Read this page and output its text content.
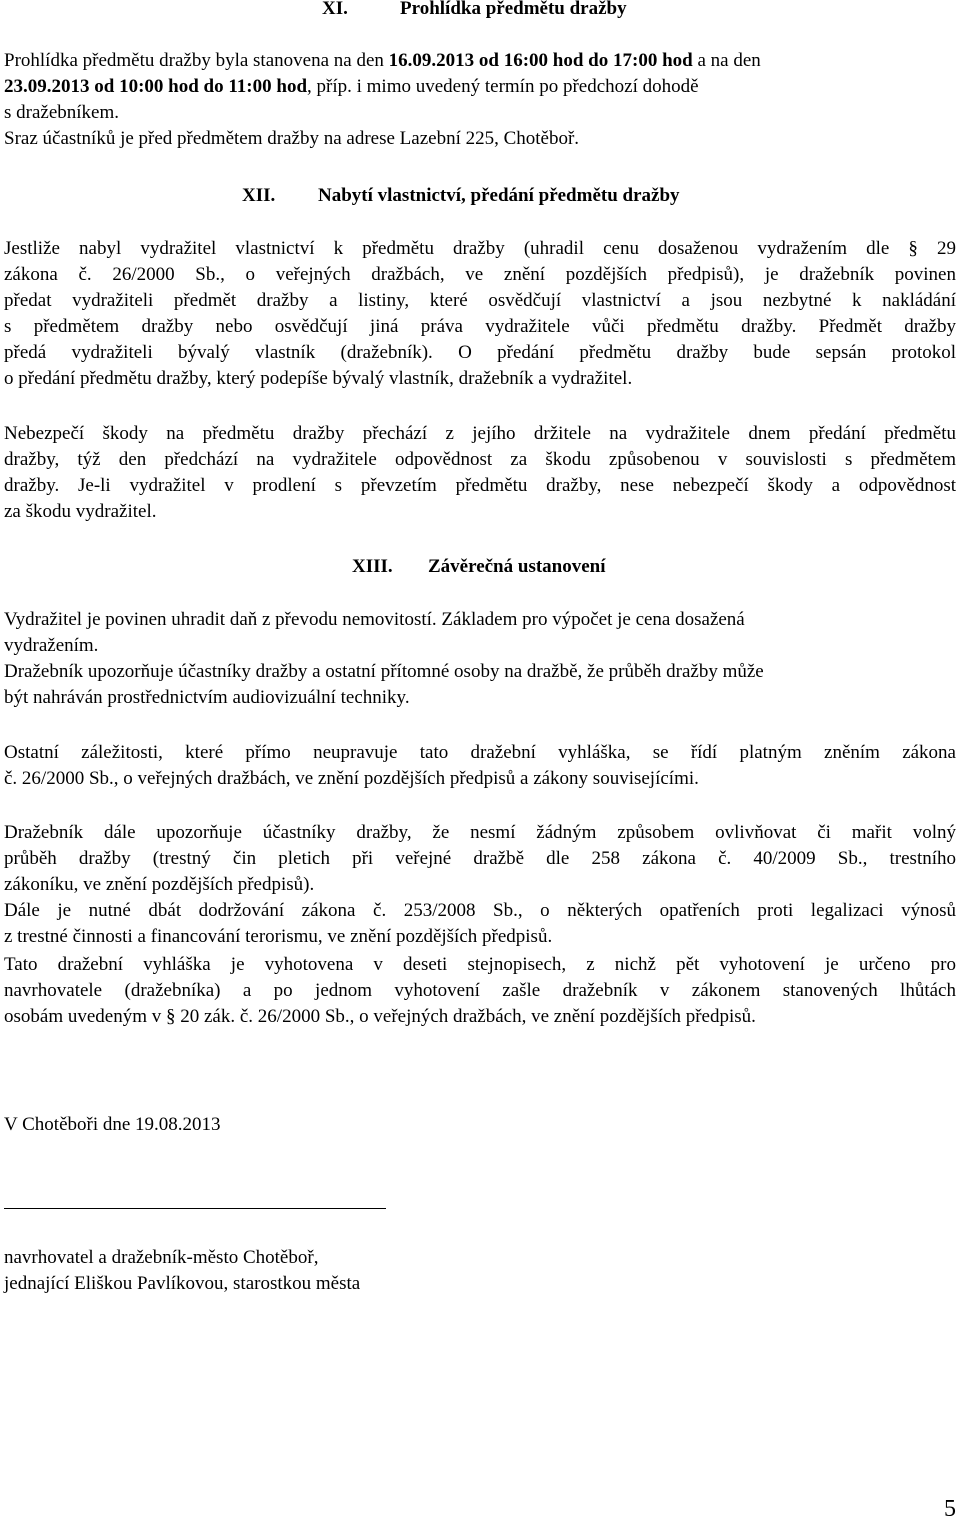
XI.	Prohlídka předmětu dražby
Prohlídka předmětu dražby byla stanovena na den 16.09.2013 od 16:00 hod do 17:00 hod a na den
23.09.2013 od 10:00 hod do 11:00 hod, příp. i mimo uvedený termín po předchozí dohodě
s dražebníkem.
Sraz účastníků je před předmětem dražby na adrese Lazební 225, Chotěboř.
XII. Nabytí vlastnictví, předání předmětu dražby
Jestliže nabyl vydražitel vlastnictví k předmětu dražby (uhradil cenu dosaženou vydražením dle § 29
zákona č. 26/2000 Sb., o veřejných dražbách, ve znění pozdějších předpisů), je dražebník povinen
předat vydražiteli předmět dražby a listiny, které osvědčují vlastnictví a jsou nezbytné k nakládání
s předmětem dražby nebo osvědčují jiná práva vydražitele vůči předmětu dražby. Předmět dražby
předá vydražiteli bývalý vlastník (dražebník). O předání předmětu dražby bude sepsán protokol
o předání předmětu dražby, který podepíše bývalý vlastník, dražebník a vydražitel.
Nebezpečí škody na předmětu dražby přechází z jejího držitele na vydražitele dnem předání předmětu
dražby, týž den předchází na vydražitele odpovědnost za škodu způsobenou v souvislosti s předmětem
dražby. Je-li vydražitel v prodlení s převzetím předmětu dražby, nese nebezpečí škody a odpovědnost
za škodu vydražitel.
XIII. Závěrečná ustanovení
Vydražitel je povinen uhradit daň z převodu nemovitostí. Základem pro výpočet je cena dosažená
vydražením.
Dražebník upozorňuje účastníky dražby a ostatní přítomné osoby na dražbě, že průběh dražby může
být nahráván prostřednictvím audiovizuální techniky.
Ostatní záležitosti, které přímo neupravuje tato dražební vyhláška, se řídí platným zněním zákona
č. 26/2000 Sb., o veřejných dražbách, ve znění pozdějších předpisů a zákony souvisejícími.
Dražebník dále upozorňuje účastníky dražby, že nesmí žádným způsobem ovlivňovat či mařit volný
průběh dražby (trestný čin pletich při veřejné dražbě dle 258 zákona č. 40/2009 Sb., trestního
zákoníku, ve znění pozdějších předpisů).
Dále je nutné dbát dodržování zákona č. 253/2008 Sb., o některých opatřeních proti legalizaci výnosů
z trestné činnosti a financování terorismu, ve znění pozdějších předpisů.
Tato dražební vyhláška je vyhotovena v deseti stejnopisech, z nichž pět vyhotovení je určeno pro
navrhovatele (dražebníka) a po jednom vyhotovení zašle dražebník v zákonem stanovených lhůtách
osobám uvedeným v § 20 zák. č. 26/2000 Sb., o veřejných dražbách, ve znění pozdějších předpisů.
V Chotěboři dne 19.08.2013
navrhovatel a dražebník-město Chotěboř,
jednající Eliškou Pavlíkovou, starostkou města
5
